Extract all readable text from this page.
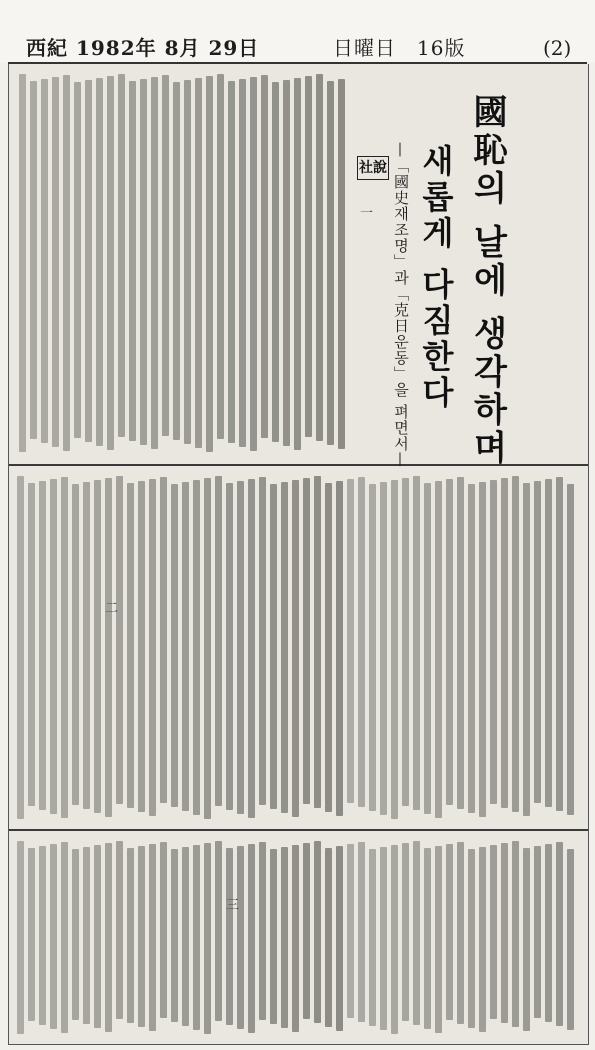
西紀 1982年 8月 29日	日曜日　 16版	(2)
國恥의 날에 생각하며
새롭게 다짐한다
—「國史재조명」과「克日운동」을 펴면서—
社說
一
二
三
